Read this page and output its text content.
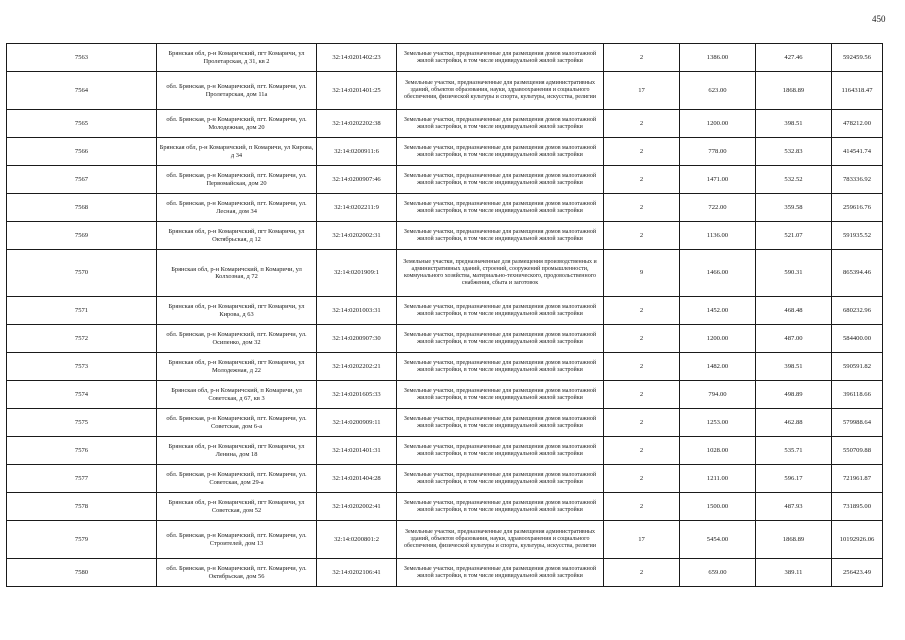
450
7563	Брянская обл, р-н Комаричский, пгт Комаричи, ул Пролетарская, д 31, кв 2	32:14:0201402:23	Земельные участки, предназначенные для размещения домов малоэтажной жилой застройки, в том числе индивидуальной жилой застройки	2	1386.00	427.46	592459.56
7564	обл. Брянская, р-н Комаричский, пгт. Комаричи, ул. Пролетарская, дом 11а	32:14:0201401:25	Земельные участки, предназначенные для размещения административных зданий, объектов образования, науки, здравоохранения и социального обеспечения, физической культуры и спорта, культуры, искусства, религии	17	623.00	1868.89	1164318.47
7565	обл. Брянская, р-н Комаричский, пгт. Комаричи, ул. Молодежная, дом 20	32:14:0202202:38	Земельные участки, предназначенные для размещения домов малоэтажной жилой застройки, в том числе индивидуальной жилой застройки	2	1200.00	398.51	478212.00
7566	Брянская обл, р-н Комаричский, п Комаричи, ул Кирова, д 34	32:14:0200911:6	Земельные участки, предназначенные для размещения домов малоэтажной жилой застройки, в том числе индивидуальной жилой застройки	2	778.00	532.83	414541.74
7567	обл. Брянская, р-н Комаричский, пгт. Комаричи, ул. Первомайская, дом 20	32:14:0200907:46	Земельные участки, предназначенные для размещения домов малоэтажной жилой застройки, в том числе индивидуальной жилой застройки	2	1471.00	532.52	783336.92
7568	обл. Брянская, р-н Комаричский, пгт. Комаричи, ул. Лесная, дом 34	32:14:0202211:9	Земельные участки, предназначенные для размещения домов малоэтажной жилой застройки, в том числе индивидуальной жилой застройки	2	722.00	359.58	259616.76
7569	Брянская обл, р-н Комаричский, пгт Комаричи, ул Октябрьская, д 12	32:14:0202002:31	Земельные участки, предназначенные для размещения домов малоэтажной жилой застройки, в том числе индивидуальной жилой застройки	2	1136.00	521.07	591935.52
7570	Брянская обл, р-н Комаричский, п Комаричи, ул Колхозная, д 72	32:14:0201909:1	Земельные участки, предназначенные для размещения производственных и административных зданий, строений, сооружений промышленности, коммунального хозяйства, материально-технического, продовольственного снабжения, сбыта и заготовок	9	1466.00	590.31	865394.46
7571	Брянская обл, р-н Комаричский, пгт Комаричи, ул Кирова, д 63	32:14:0201003:31	Земельные участки, предназначенные для размещения домов малоэтажной жилой застройки, в том числе индивидуальной жилой застройки	2	1452.00	468.48	680232.96
7572	обл. Брянская, р-н Комаричский, пгт. Комаричи, ул. Осипенко, дом 32	32:14:0200907:30	Земельные участки, предназначенные для размещения домов малоэтажной жилой застройки, в том числе индивидуальной жилой застройки	2	1200.00	487.00	584400.00
7573	Брянская обл, р-н Комаричский, пгт Комаричи, ул Молодежная, д 22	32:14:0202202:21	Земельные участки, предназначенные для размещения домов малоэтажной жилой застройки, в том числе индивидуальной жилой застройки	2	1482.00	398.51	590591.82
7574	Брянская обл, р-н Комаричский, п Комаричи, ул Советская, д 67, кв 3	32:14:0201605:33	Земельные участки, предназначенные для размещения домов малоэтажной жилой застройки, в том числе индивидуальной жилой застройки	2	794.00	498.89	396118.66
7575	обл. Брянская, р-н Комаричский, пгт. Комаричи, ул. Советская, дом 6-а	32:14:0200909:11	Земельные участки, предназначенные для размещения домов малоэтажной жилой застройки, в том числе индивидуальной жилой застройки	2	1253.00	462.88	579988.64
7576	Брянская обл, р-н Комаричский, пгт Комаричи, ул Ленина, дом 18	32:14:0201401:31	Земельные участки, предназначенные для размещения домов малоэтажной жилой застройки, в том числе индивидуальной жилой застройки	2	1028.00	535.71	550709.88
7577	обл. Брянская, р-н Комаричский, пгт. Комаричи, ул. Советская, дом 29-а	32:14:0201404:28	Земельные участки, предназначенные для размещения домов малоэтажной жилой застройки, в том числе индивидуальной жилой застройки	2	1211.00	596.17	721961.87
7578	Брянская обл, р-н Комаричский, пгт Комаричи, ул Советская, дом 52	32:14:0202002:41	Земельные участки, предназначенные для размещения домов малоэтажной жилой застройки, в том числе индивидуальной жилой застройки	2	1500.00	487.93	731895.00
7579	обл. Брянская, р-н Комаричский, пгт. Комаричи, ул. Строителей, дом 13	32:14:0200801:2	Земельные участки, предназначенные для размещения административных зданий, объектов образования, науки, здравоохранения и социального обеспечения, физической культуры и спорта, культуры, искусства, религии	17	5454.00	1868.89	10192926.06
7580	обл. Брянская, р-н Комаричский, пгт. Комаричи, ул. Октябрьская, дом 56	32:14:0202106:41	Земельные участки, предназначенные для размещения домов малоэтажной жилой застройки, в том числе индивидуальной жилой застройки	2	659.00	389.11	256423.49
